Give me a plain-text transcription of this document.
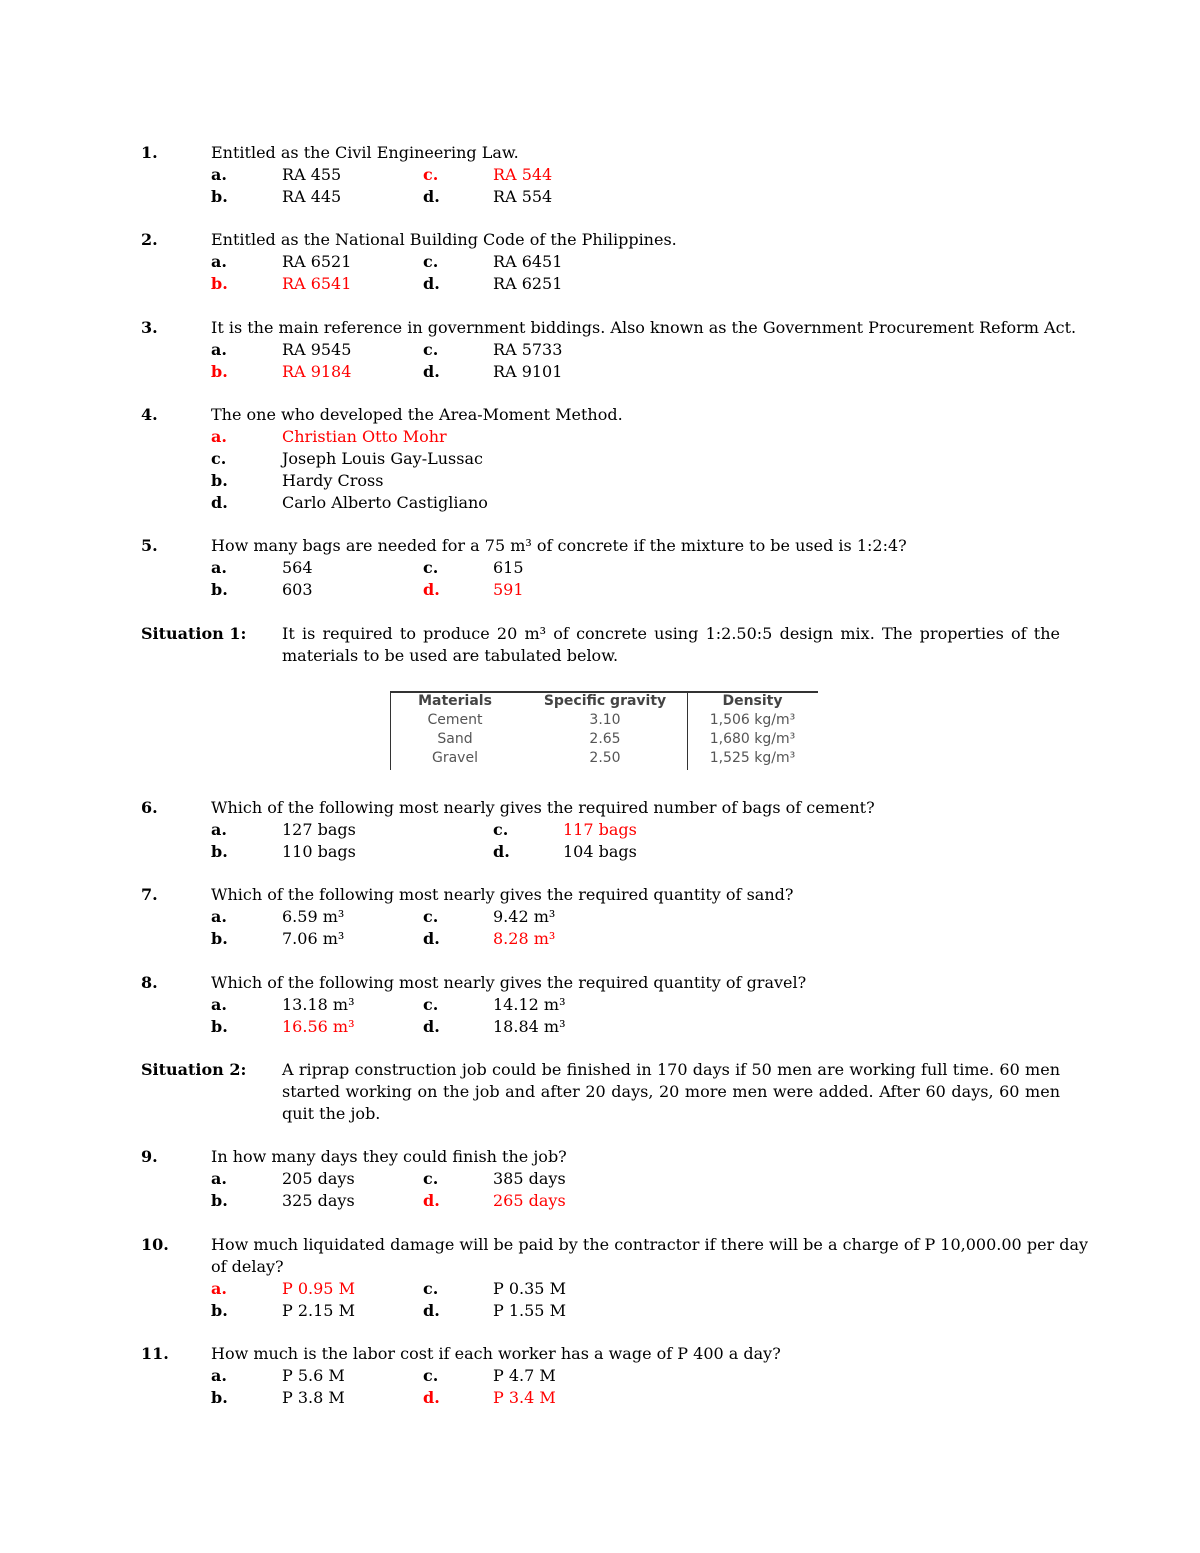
1.	Entitled as the Civil Engineering Law.
a.	RA 455	c.	RA 544
b.	RA 445	d.	RA 554
2.	Entitled as the National Building Code of the Philippines.
a.	RA 6521	c.	RA 6451
b.	RA 6541	d.	RA 6251
3.	It is the main reference in government biddings. Also known as the Government Procurement Reform Act.
a.	RA 9545	c.	RA 5733
b.	RA 9184	d.	RA 9101
4.	The one who developed the Area-Moment Method.
a.	Christian Otto Mohr
c.	Joseph Louis Gay-Lussac
b.	Hardy Cross
d.	Carlo Alberto Castigliano
5.	How many bags are needed for a 75 m³ of concrete if the mixture to be used is 1:2:4?
a.	564	c.	615
b.	603	d.	591
Situation 1: It is required to produce 20 m³ of concrete using 1:2.50:5 design mix. The properties of the materials to be used are tabulated below.
Materials	Specific gravity	Density
Cement	3.10	1,506 kg/m³
Sand	2.65	1,680 kg/m³
Gravel	2.50	1,525 kg/m³
6.	Which of the following most nearly gives the required number of bags of cement?
a.	127 bags	c.	117 bags
b.	110 bags	d.	104 bags
7.	Which of the following most nearly gives the required quantity of sand?
a.	6.59 m³	c.	9.42 m³
b.	7.06 m³	d.	8.28 m³
8.	Which of the following most nearly gives the required quantity of gravel?
a.	13.18 m³	c.	14.12 m³
b.	16.56 m³	d.	18.84 m³
Situation 2: A riprap construction job could be finished in 170 days if 50 men are working full time. 60 men started working on the job and after 20 days, 20 more men were added. After 60 days, 60 men quit the job.
9.	In how many days they could finish the job?
a.	205 days	c.	385 days
b.	325 days	d.	265 days
10.	How much liquidated damage will be paid by the contractor if there will be a charge of P 10,000.00 per day
of delay?
a.	P 0.95 M	c.	P 0.35 M
b.	P 2.15 M	d.	P 1.55 M
11.	How much is the labor cost if each worker has a wage of P 400 a day?
a.	P 5.6 M	c.	P 4.7 M
b.	P 3.8 M	d.	P 3.4 M
